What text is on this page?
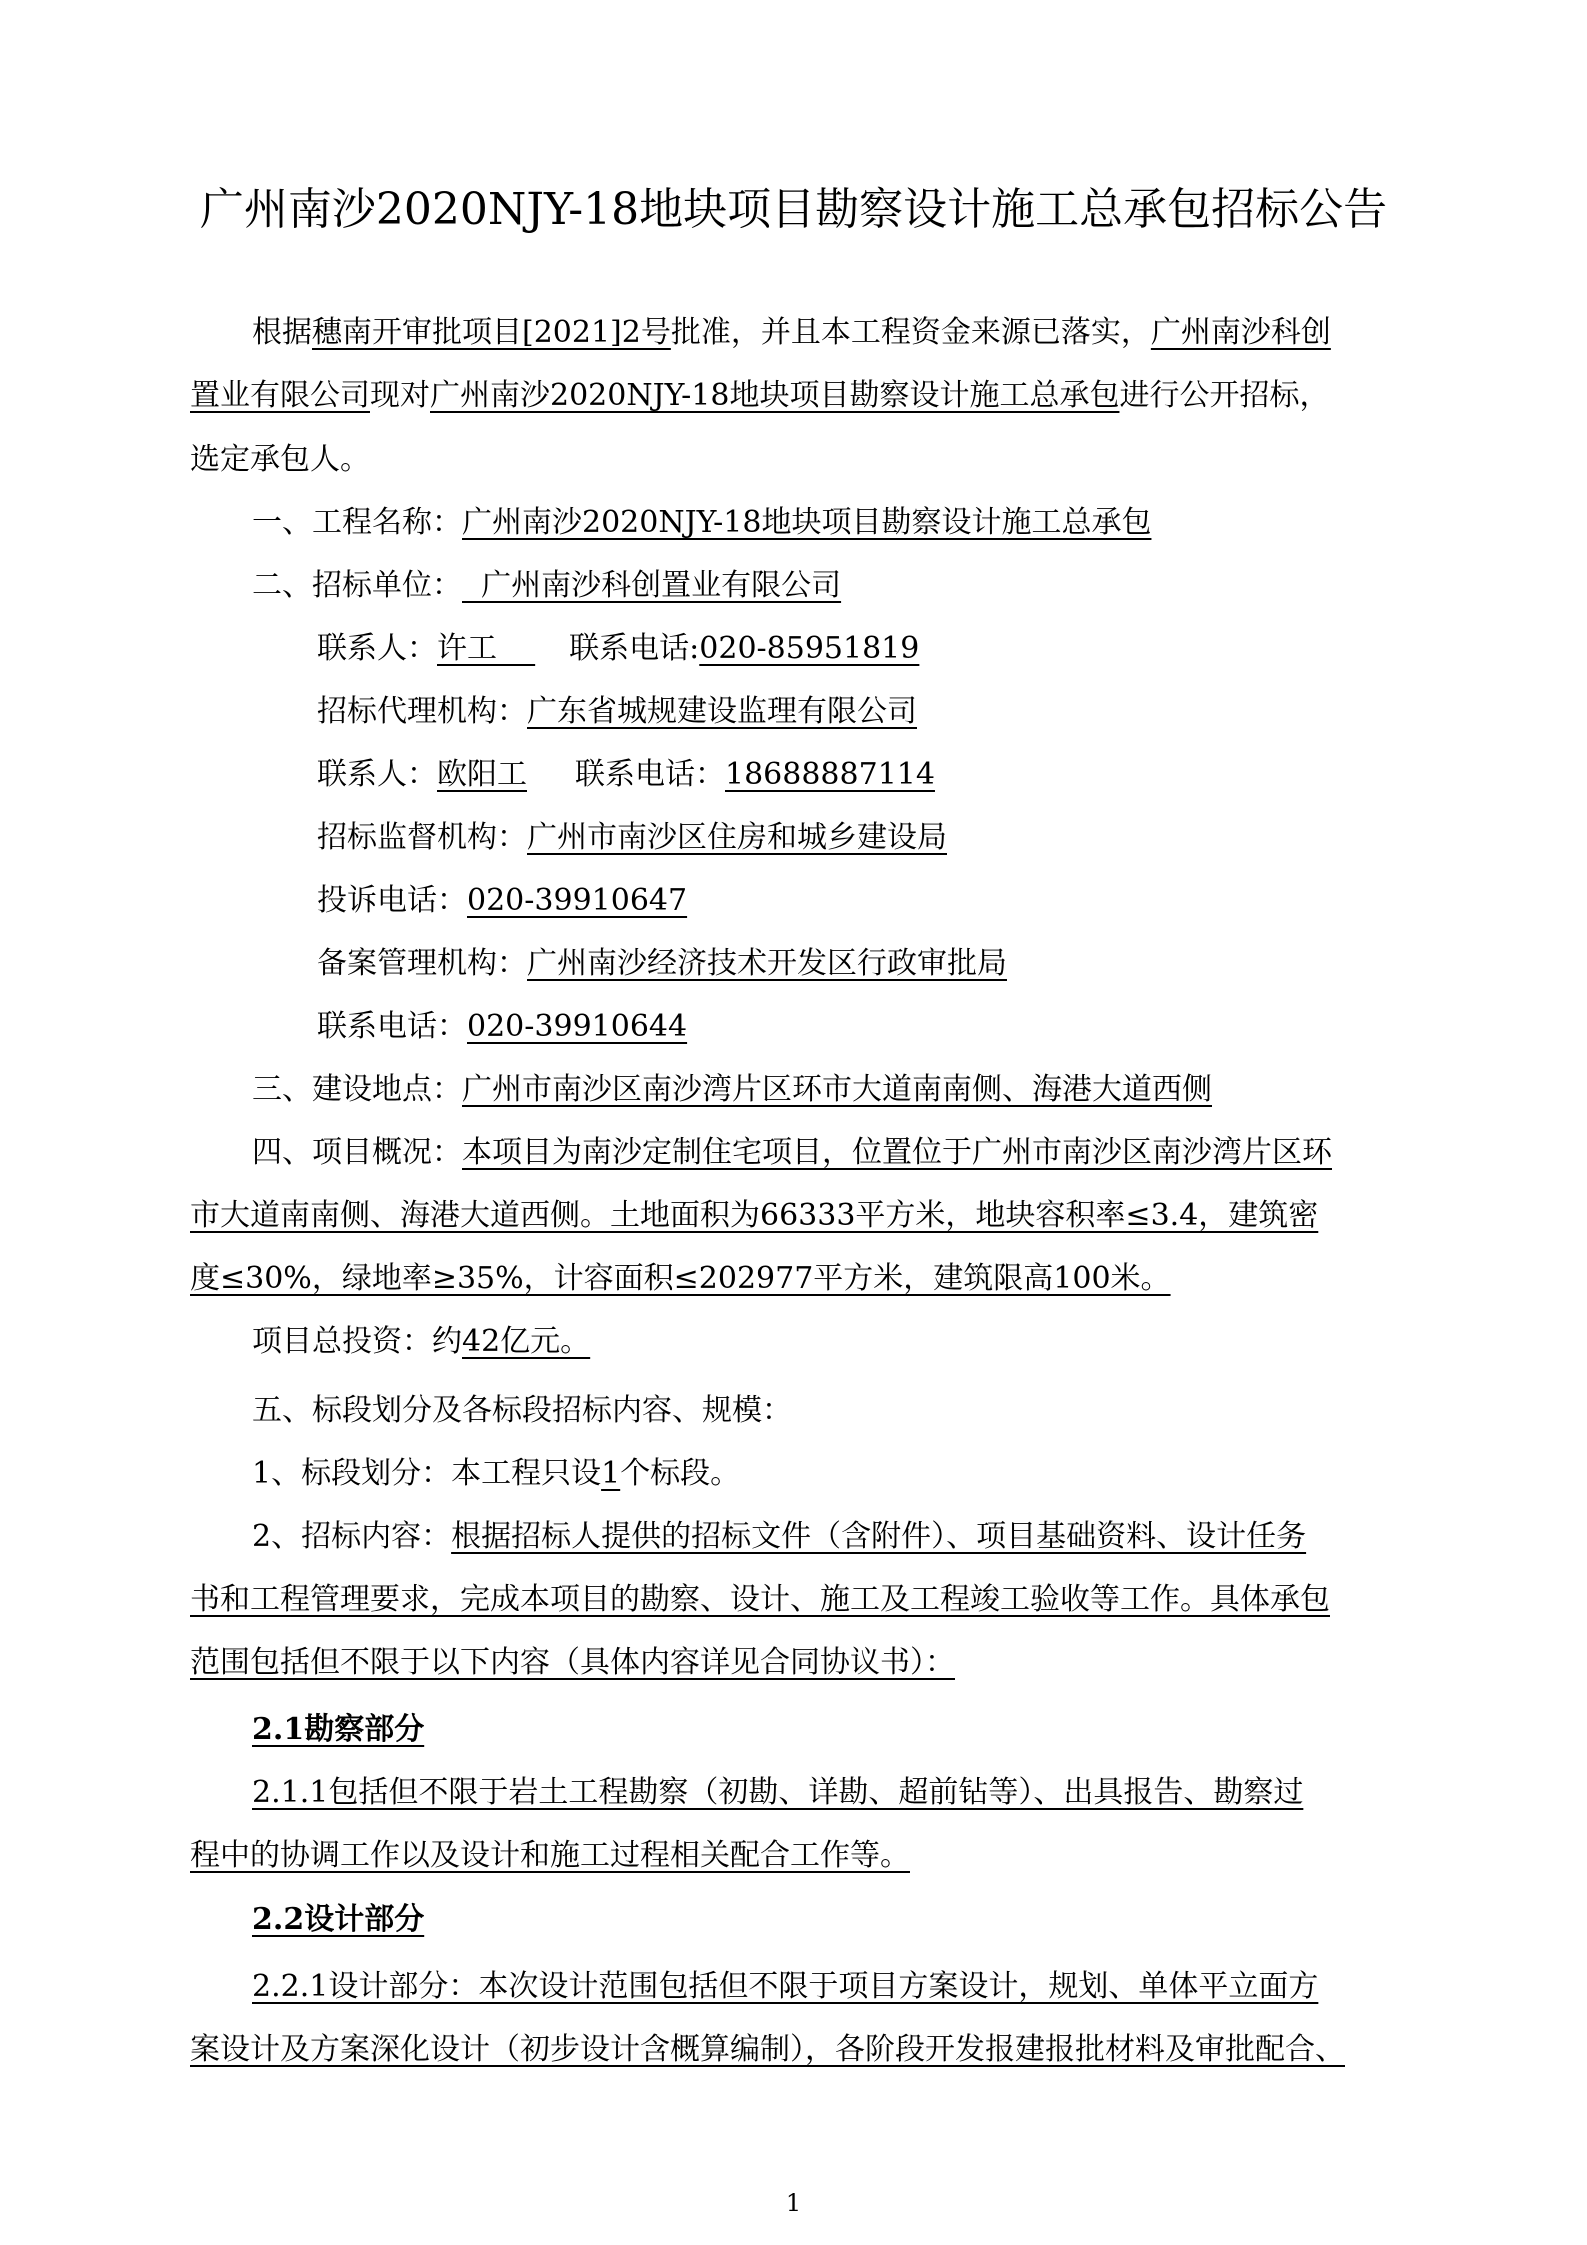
广州南沙2020NJY-18地块项目勘察设计施工总承包招标公告
根据穗南开审批项目[2021]2号批准，并且本工程资金来源已落实，广州南沙科创
置业有限公司现对广州南沙2020NJY-18地块项目勘察设计施工总承包进行公开招标，
选定承包人。
一、工程名称：广州南沙2020NJY-18地块项目勘察设计施工总承包
二、招标单位：  广州南沙科创置业有限公司
联系人：许工    联系电话:020-85951819
招标代理机构：广东省城规建设监理有限公司
联系人：欧阳工 联系电话：18688887114
招标监督机构：广州市南沙区住房和城乡建设局
投诉电话：020-39910647
备案管理机构：广州南沙经济技术开发区行政审批局
联系电话：020-39910644
三、建设地点：广州市南沙区南沙湾片区环市大道南南侧、海港大道西侧
四、项目概况：本项目为南沙定制住宅项目，位置位于广州市南沙区南沙湾片区环
市大道南南侧、海港大道西侧。土地面积为66333平方米，地块容积率≤3.4，建筑密
度≤30%，绿地率≥35%，计容面积≤202977平方米，建筑限高100米。
项目总投资：约42亿元。
五、标段划分及各标段招标内容、规模：
1、标段划分：本工程只设1个标段。
2、招标内容：根据招标人提供的招标文件（含附件）、项目基础资料、设计任务
书和工程管理要求，完成本项目的勘察、设计、施工及工程竣工验收等工作。具体承包
范围包括但不限于以下内容（具体内容详见合同协议书）：
2.1勘察部分
2.1.1包括但不限于岩土工程勘察（初勘、详勘、超前钻等）、出具报告、勘察过
程中的协调工作以及设计和施工过程相关配合工作等。
2.2设计部分
2.2.1设计部分：本次设计范围包括但不限于项目方案设计，规划、单体平立面方
案设计及方案深化设计（初步设计含概算编制），各阶段开发报建报批材料及审批配合、
1
